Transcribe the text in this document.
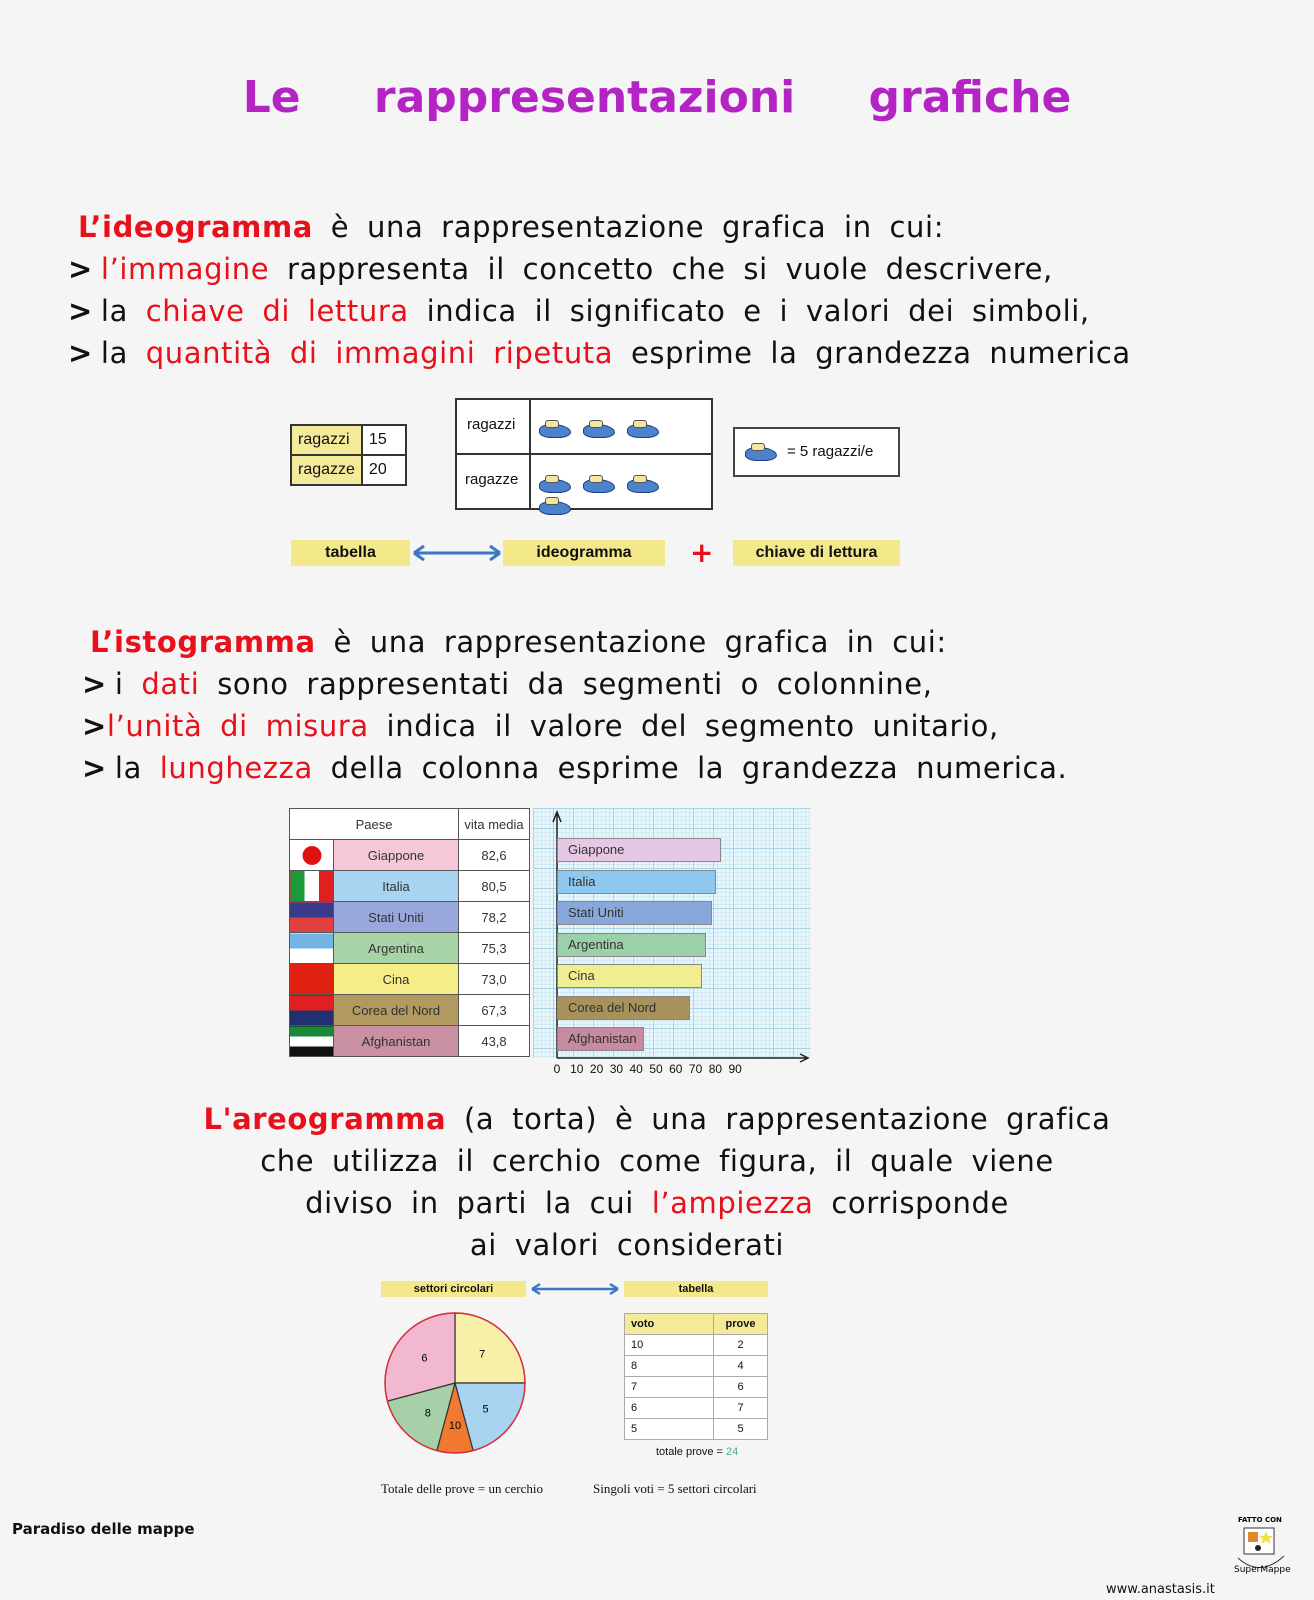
Le rappresentazioni grafiche
L’ideogramma è una rappresentazione grafica in cui:
> l’immagine rappresenta il concetto che si vuole descrivere,
> la chiave di lettura indica il significato e i valori dei simboli,
> la quantità di immagini ripetuta esprime la grandezza numerica
ragazzi	15
ragazze	20
ragazzi
ragazze
= 5 ragazzi/e
tabella	ideogramma	+	chiave di lettura
L’istogramma è una rappresentazione grafica in cui:
> i dati sono rappresentati da segmenti o colonnine,
>l’unità di misura indica il valore del segmento unitario,
> la lunghezza della colonna esprime la grandezza numerica.
Paese		vita media
	Giappone	82,6
	Italia	80,5
	Stati Uniti	78,2
	Argentina	75,3
	Cina	73,0
	Corea del Nord	67,3
	Afghanistan	43,8
Giappone
Italia
Stati Uniti
Argentina
Cina
Corea del Nord
Afghanistan
0 10 20 30 40 50 60 70 80 90
L'areogramma (a torta) è una rappresentazione grafica
che utilizza il cerchio come figura, il quale viene
diviso in parti la cui l’ampiezza corrisponde
ai valori considerati
settori circolari	tabella
7
5
10
8
6
voto	prove
10	2
8	4
7	6
6	7
5	5
totale prove = 24
Totale delle prove = un cerchio	Singoli voti = 5 settori circolari
Paradiso delle mappe
www.anastasis.it
FATTO CON
SuperMappe
